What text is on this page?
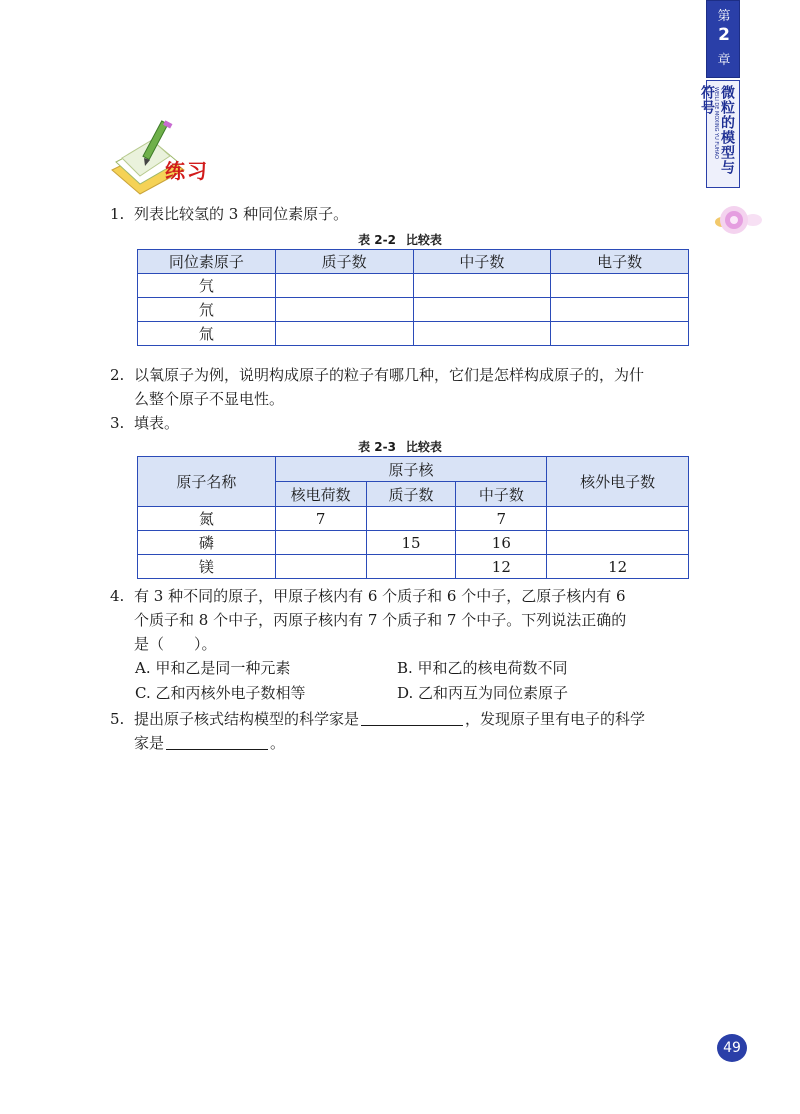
第
2
章
微粒的模型与符号
WEILI DE MOXING YU FUHAO
练习
1. 列表比较氢的 3 种同位素原子。
表 2-2 比较表
同位素原子	质子数	中子数	电子数
氕			
氘			
氚			
2. 以氧原子为例，说明构成原子的粒子有哪几种，它们是怎样构成原子的，为什
么整个原子不显电性。
3. 填表。
表 2-3 比较表
原子名称	原子核			核外电子数
	核电荷数	质子数	中子数	
氮	7		7	
磷		15	16	
镁			12	12
4. 有 3 种不同的原子，甲原子核内有 6 个质子和 6 个中子，乙原子核内有 6
个质子和 8 个中子，丙原子核内有 7 个质子和 7 个中子。下列说法正确的
是（　　）。
A. 甲和乙是同一种元素	B. 甲和乙的核电荷数不同
C. 乙和丙核外电子数相等	D. 乙和丙互为同位素原子
5. 提出原子核式结构模型的科学家是	，发现原子里有电子的科学
家是	。
49
